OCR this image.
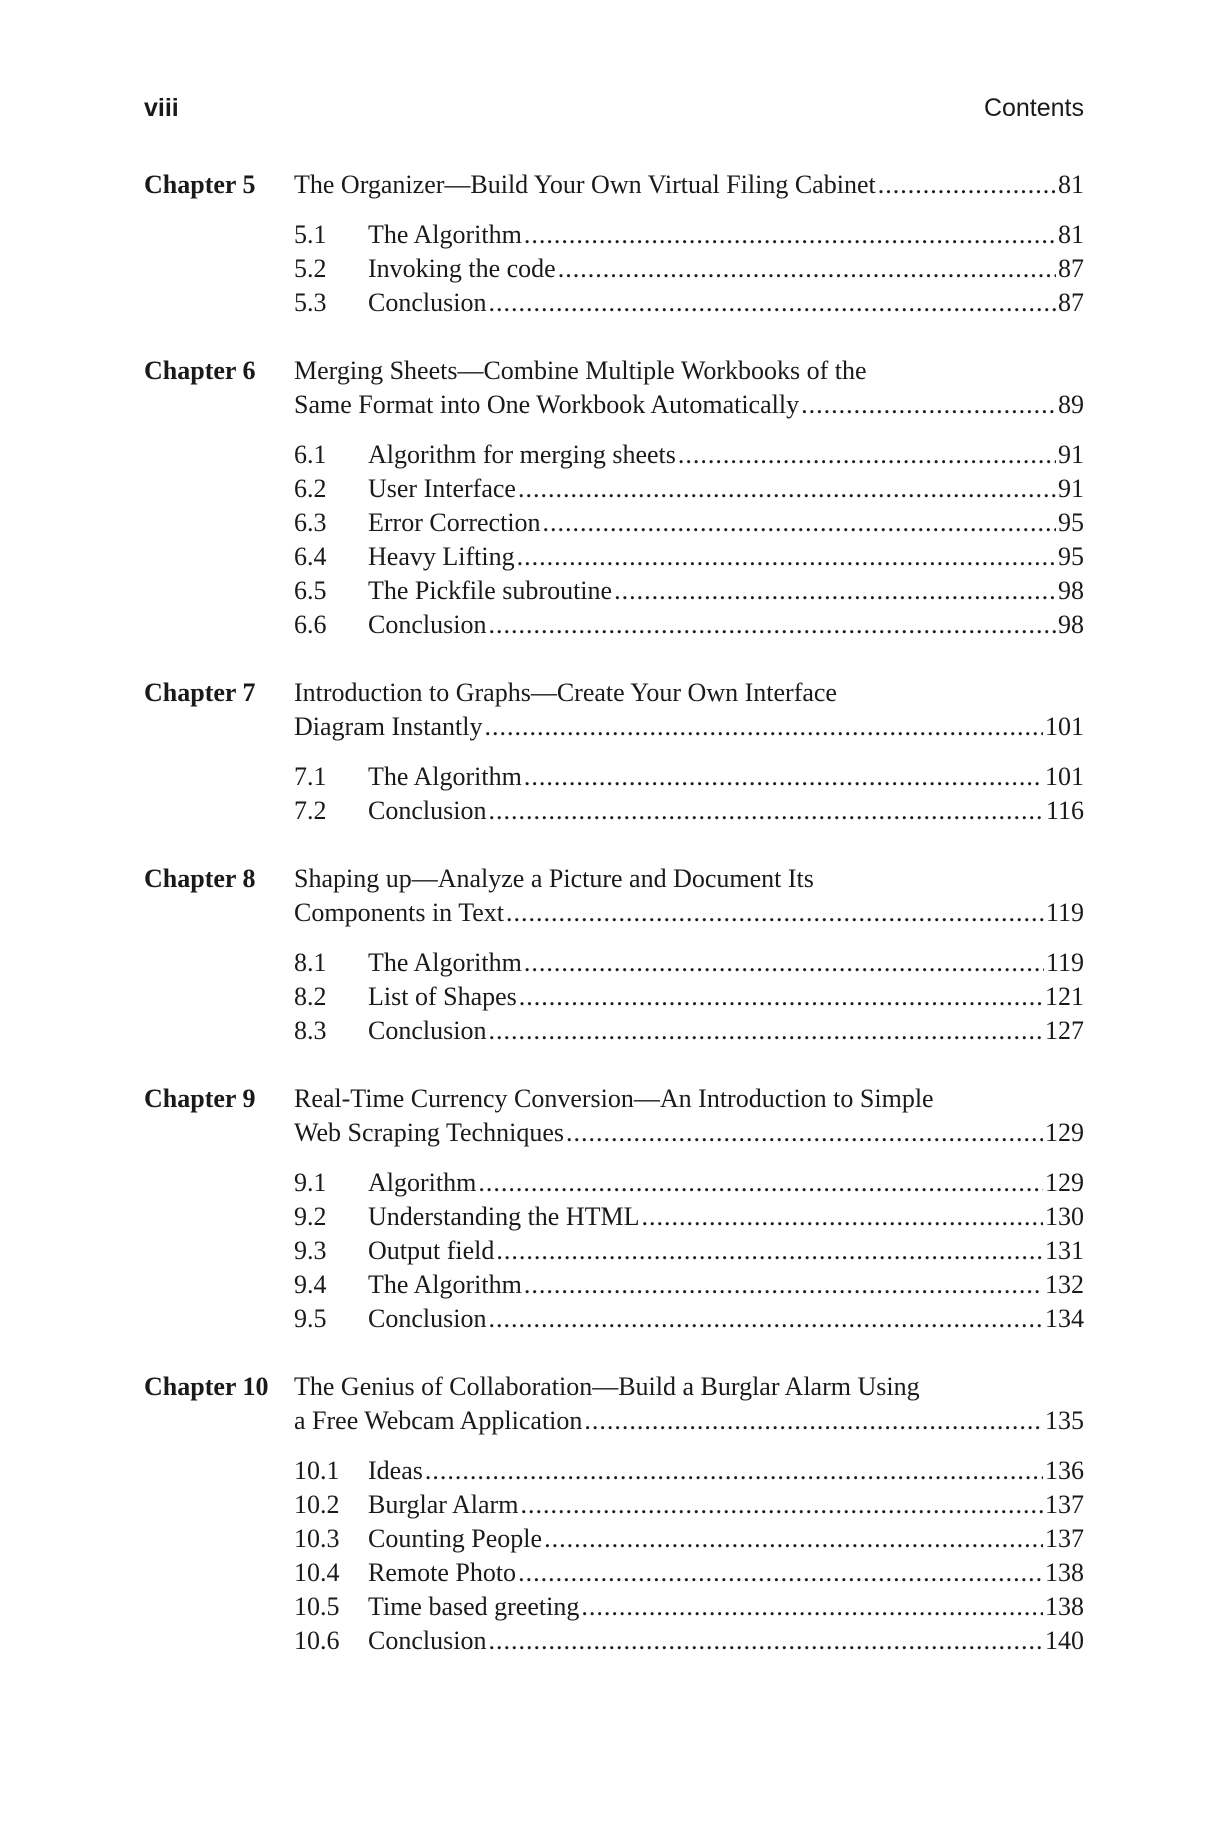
viii	Contents
Chapter 5	The Organizer—Build Your Own Virtual Filing Cabinet .....	81
5.1 The Algorithm .....	81
5.2 Invoking the code .....	87
5.3 Conclusion .....	87
Chapter 6	Merging Sheets—Combine Multiple Workbooks of the
Same Format into One Workbook Automatically .....	89
6.1 Algorithm for merging sheets .....	91
6.2 User Interface .....	91
6.3 Error Correction .....	95
6.4 Heavy Lifting .....	95
6.5 The Pickfile subroutine .....	98
6.6 Conclusion .....	98
Chapter 7	Introduction to Graphs—Create Your Own Interface
Diagram Instantly .....	101
7.1 The Algorithm .....	101
7.2 Conclusion .....	116
Chapter 8	Shaping up—Analyze a Picture and Document Its
Components in Text .....	119
8.1 The Algorithm .....	119
8.2 List of Shapes .....	121
8.3 Conclusion .....	127
Chapter 9	Real-Time Currency Conversion—An Introduction to Simple
Web Scraping Techniques .....	129
9.1 Algorithm .....	129
9.2 Understanding the HTML .....	130
9.3 Output field .....	131
9.4 The Algorithm .....	132
9.5 Conclusion .....	134
Chapter 10 The Genius of Collaboration—Build a Burglar Alarm Using
a Free Webcam Application .....	135
10.1 Ideas .....	136
10.2 Burglar Alarm .....	137
10.3 Counting People .....	137
10.4 Remote Photo .....	138
10.5 Time based greeting .....	138
10.6 Conclusion .....	140
